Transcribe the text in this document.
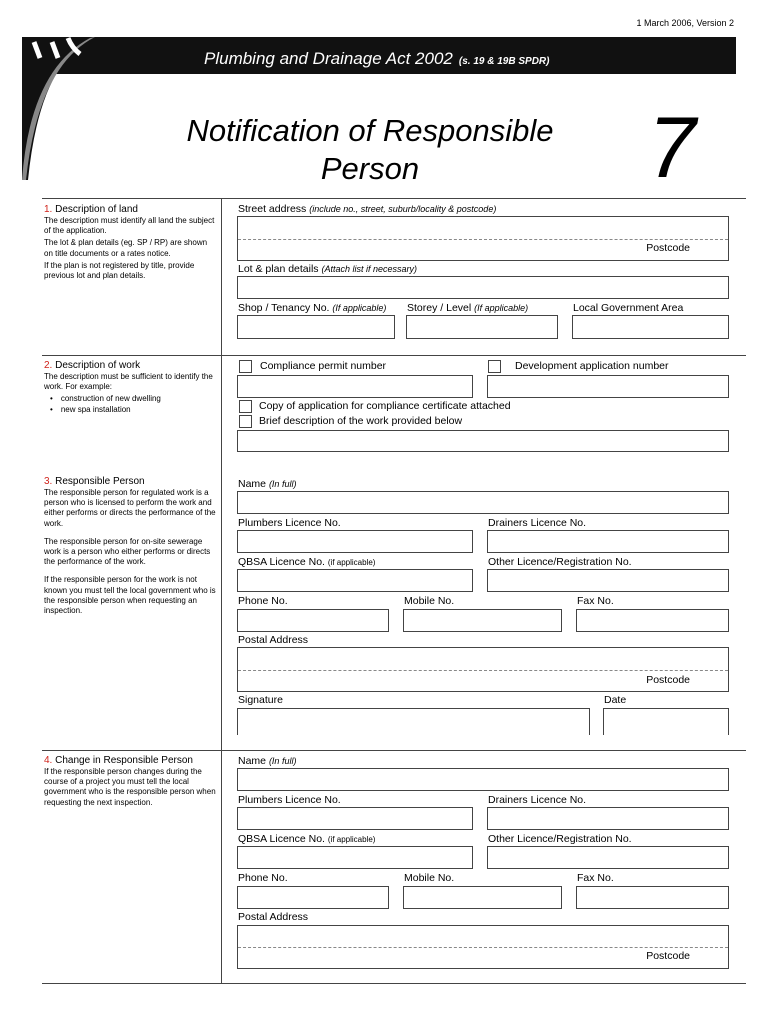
1 March 2006, Version 2
Plumbing and Drainage Act 2002 (s. 19 & 19B SPDR)
Notification of Responsible Person	7
1. Description of land

The description must identify all land the subject of the application.

The lot & plan details (eg. SP / RP) are shown on title documents or a rates notice.

If the plan is not registered by title, provide previous lot and plan details.

Street address (include no., street, suburb/locality & postcode)
Postcode
Lot & plan details (Attach list if necessary)
Shop / Tenancy No. (If applicable) Storey / Level (If applicable)	Local Government Area
2. Description of work

The description must be sufficient to identify the work. For example:

• construction of new dwelling
• new spa installation
Compliance permit number	Development application number
Copy of application for compliance certificate attached
Brief description of the work provided below
3. Responsible Person

The responsible person for regulated work is a person who is licensed to perform the work and either performs or directs the performance of the work.

The responsible person for on-site sewerage work is a person who either performs or directs the performance of the work.

If the responsible person for the work is not known you must tell the local government who is the responsible person when requesting an inspection.

Name (In full)
Plumbers Licence No.	Drainers Licence No.
QBSA Licence No. (if applicable)	Other Licence/Registration No.
Phone No.	Mobile No.	Fax No.
Postal Address
Postcode
Signature	Date
4. Change in Responsible Person

If the responsible person changes during the course of a project you must tell the local government who is the responsible person when requesting the next inspection.

Name (In full)
Plumbers Licence No.	Drainers Licence No.
QBSA Licence No. (if applicable)	Other Licence/Registration No.
Phone No.	Mobile No.	Fax No.
Postal Address
Postcode
